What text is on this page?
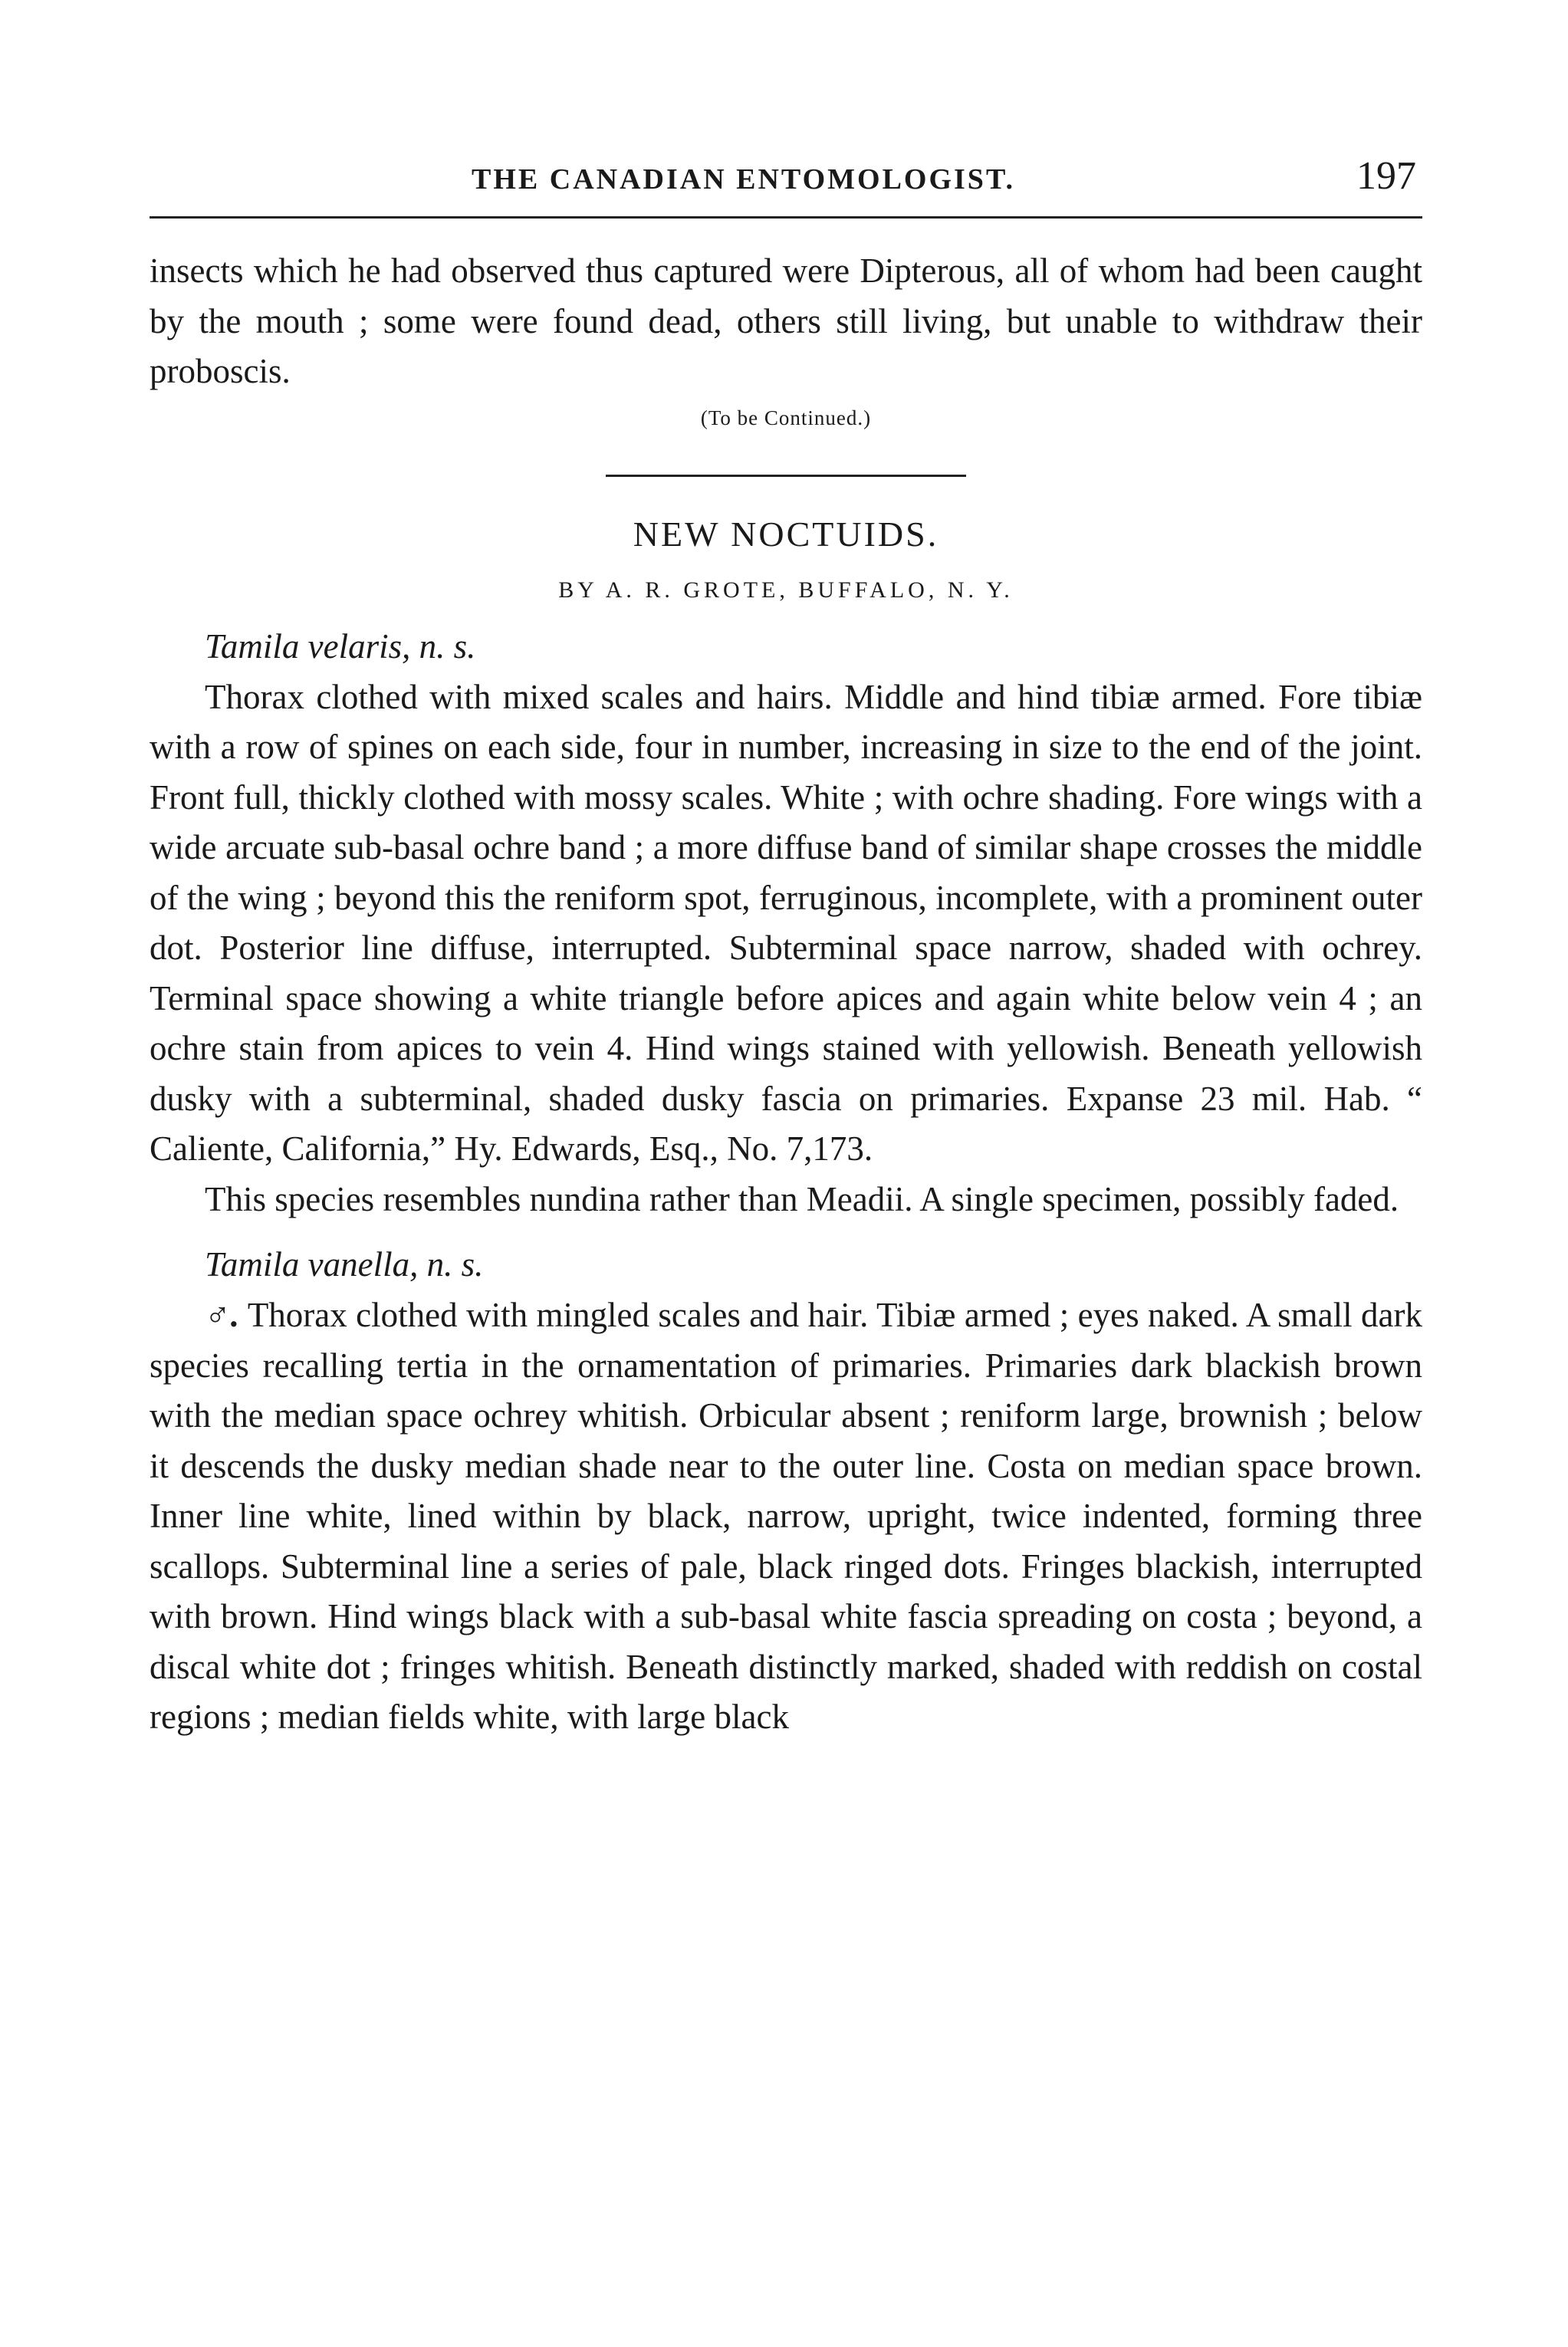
THE CANADIAN ENTOMOLOGIST.	197

insects which he had observed thus captured were Dipterous, all of whom had been caught by the mouth ; some were found dead, others still living, but unable to withdraw their proboscis.

(To be Continued.)
NEW NOCTUIDS.
BY A. R. GROTE, BUFFALO, N. Y.
Tamila velaris, n. s.

Thorax clothed with mixed scales and hairs. Middle and hind tibiæ armed. Fore tibiæ with a row of spines on each side, four in number, increasing in size to the end of the joint. Front full, thickly clothed with mossy scales. White ; with ochre shading. Fore wings with a wide arcuate sub-basal ochre band ; a more diffuse band of similar shape crosses the middle of the wing ; beyond this the reniform spot, ferruginous, incomplete, with a prominent outer dot. Posterior line diffuse, interrupted. Subterminal space narrow, shaded with ochrey. Terminal space showing a white triangle before apices and again white below vein 4 ; an ochre stain from apices to vein 4. Hind wings stained with yellowish. Beneath yellowish dusky with a subterminal, shaded dusky fascia on primaries. Expanse 23 mil. Hab. “ Caliente, California,” Hy. Edwards, Esq., No. 7,173.

This species resembles nundina rather than Meadii. A single specimen, possibly faded.

Tamila vanella, n. s.

♂. Thorax clothed with mingled scales and hair. Tibiæ armed ; eyes naked. A small dark species recalling tertia in the ornamentation of primaries. Primaries dark blackish brown with the median space ochrey whitish. Orbicular absent ; reniform large, brownish ; below it descends the dusky median shade near to the outer line. Costa on median space brown. Inner line white, lined within by black, narrow, upright, twice indented, forming three scallops. Subterminal line a series of pale, black ringed dots. Fringes blackish, interrupted with brown. Hind wings black with a sub-basal white fascia spreading on costa ; beyond, a discal white dot ; fringes whitish. Beneath distinctly marked, shaded with reddish on costal regions ; median fields white, with large black
